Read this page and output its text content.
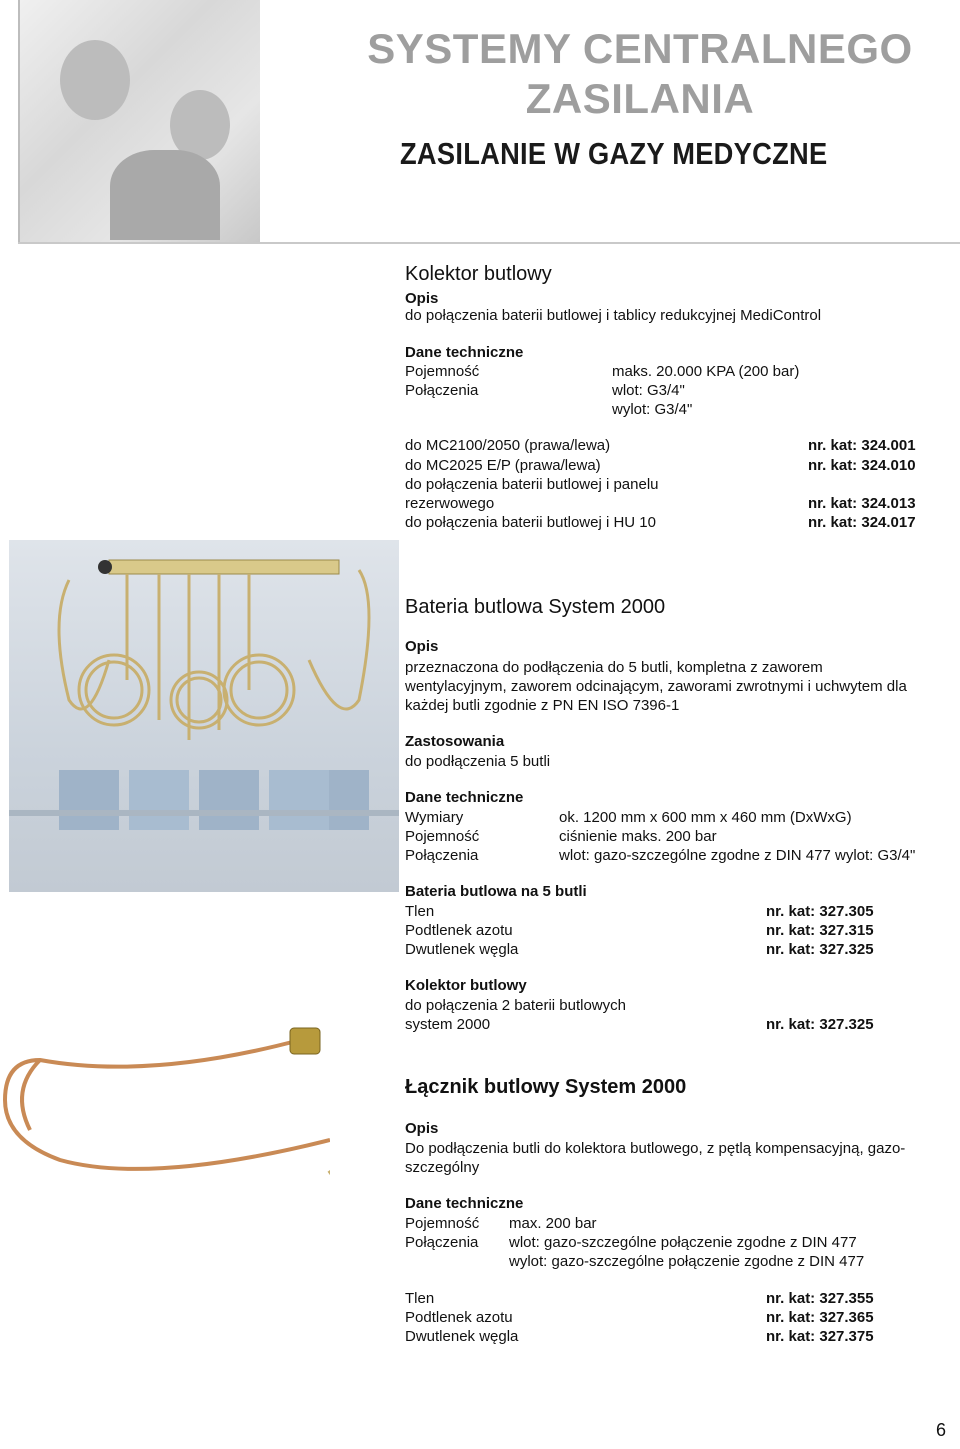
SYSTEMY CENTRALNEGO
ZASILANIA
ZASILANIE W GAZY MEDYCZNE
Kolektor butlowy
Opis
do połączenia baterii butlowej i tablicy redukcyjnej MediControl
Dane techniczne
Pojemność	maks. 20.000 KPA (200 bar)
Połączenia	wlot: G3/4"
wylot: G3/4"
do MC2100/2050 (prawa/lewa)	nr. kat: 324.001
do MC2025 E/P (prawa/lewa)	nr. kat: 324.010
do połączenia baterii butlowej i panelu
rezerwowego	nr. kat: 324.013
do połączenia baterii butlowej i HU 10	nr. kat: 324.017
Bateria butlowa System 2000
Opis
przeznaczona do podłączenia do 5 butli, kompletna z zaworem
wentylacyjnym, zaworem odcinającym, zaworami zwrotnymi i uchwytem dla
każdej butli zgodnie z PN EN ISO 7396-1
Zastosowania
do podłączenia 5 butli
Dane techniczne
Wymiary	ok. 1200 mm x 600 mm x 460 mm (DxWxG)
Pojemność	ciśnienie maks. 200 bar
Połączenia	wlot: gazo-szczególne zgodne z DIN 477 wylot: G3/4"
Bateria butlowa na 5 butli
Tlen	nr. kat: 327.305
Podtlenek azotu	nr. kat: 327.315
Dwutlenek węgla	nr. kat: 327.325
Kolektor butlowy
do połączenia 2 baterii butlowych
system 2000	nr. kat: 327.325
Łącznik butlowy System 2000
Opis
Do podłączenia butli do kolektora butlowego, z pętlą kompensacyjną, gazo-
szczególny
Dane techniczne
Pojemność max. 200 bar
Połączenia wlot: gazo-szczególne połączenie zgodne z DIN 477
wylot: gazo-szczególne połączenie zgodne z DIN 477
Tlen	nr. kat: 327.355
Podtlenek azotu	nr. kat: 327.365
Dwutlenek węgla	nr. kat: 327.375
6
